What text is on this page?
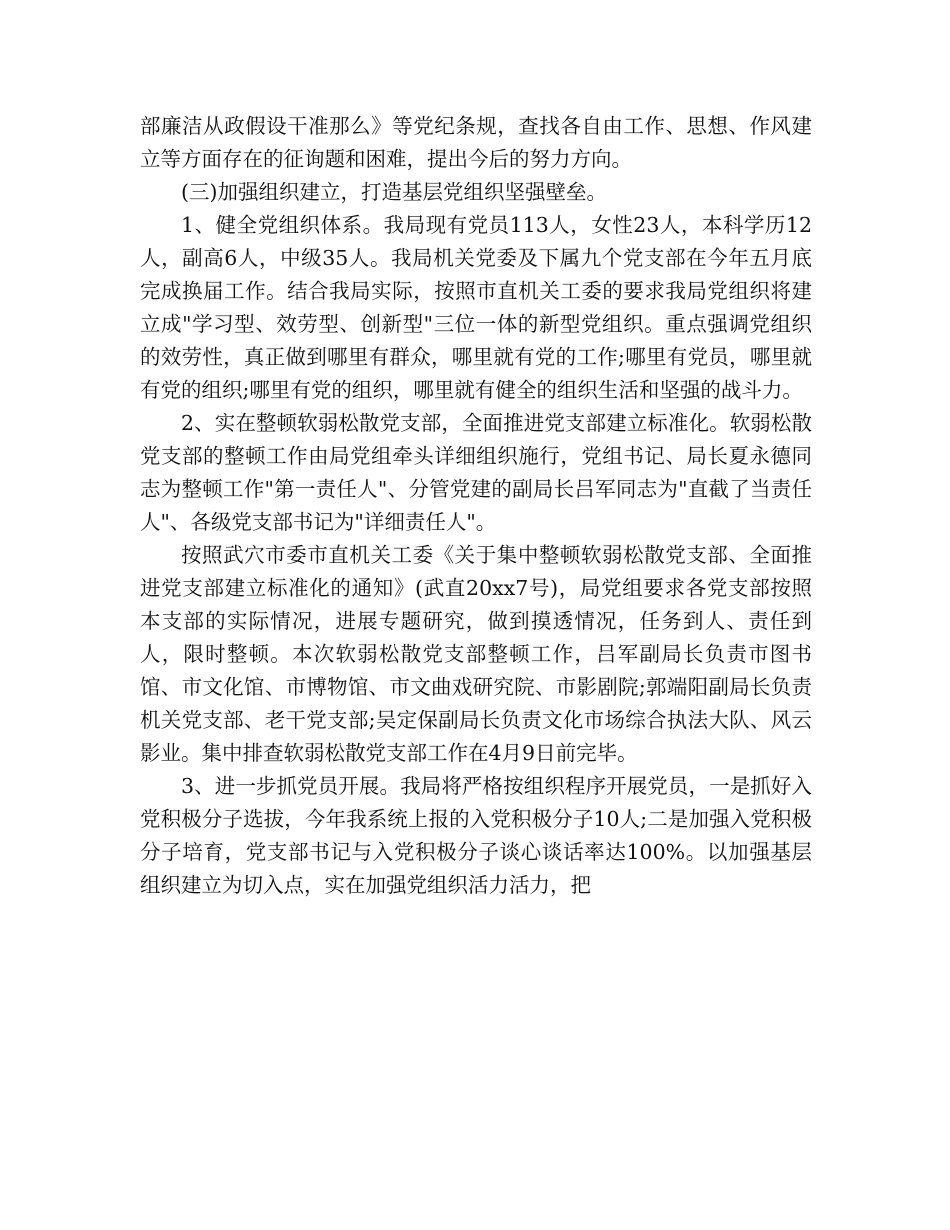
部廉洁从政假设干准那么》等党纪条规，查找各自由工作、思想、作风建立等方面存在的征询题和困难，提出今后的努力方向。

(三)加强组织建立，打造基层党组织坚强壁垒。

1、健全党组织体系。我局现有党员113人，女性23人，本科学历12人，副高6人，中级35人。我局机关党委及下属九个党支部在今年五月底完成换届工作。结合我局实际，按照市直机关工委的要求我局党组织将建立成"学习型、效劳型、创新型"三位一体的新型党组织。重点强调党组织的效劳性，真正做到哪里有群众，哪里就有党的工作;哪里有党员，哪里就有党的组织;哪里有党的组织，哪里就有健全的组织生活和坚强的战斗力。

2、实在整顿软弱松散党支部，全面推进党支部建立标准化。软弱松散党支部的整顿工作由局党组牵头详细组织施行，党组书记、局长夏永德同志为整顿工作"第一责任人"、分管党建的副局长吕军同志为"直截了当责任人"、各级党支部书记为"详细责任人"。

按照武穴市委市直机关工委《关于集中整顿软弱松散党支部、全面推进党支部建立标准化的通知》(武直20xx7号)，局党组要求各党支部按照本支部的实际情况，进展专题研究，做到摸透情况，任务到人、责任到人，限时整顿。本次软弱松散党支部整顿工作，吕军副局长负责市图书馆、市文化馆、市博物馆、市文曲戏研究院、市影剧院;郭端阳副局长负责机关党支部、老干党支部;吴定保副局长负责文化市场综合执法大队、风云影业。集中排查软弱松散党支部工作在4月9日前完毕。

3、进一步抓党员开展。我局将严格按组织程序开展党员，一是抓好入党积极分子选拔，今年我系统上报的入党积极分子10人;二是加强入党积极分子培育，党支部书记与入党积极分子谈心谈话率达100%。以加强基层组织建立为切入点，实在加强党组织活力活力，把
